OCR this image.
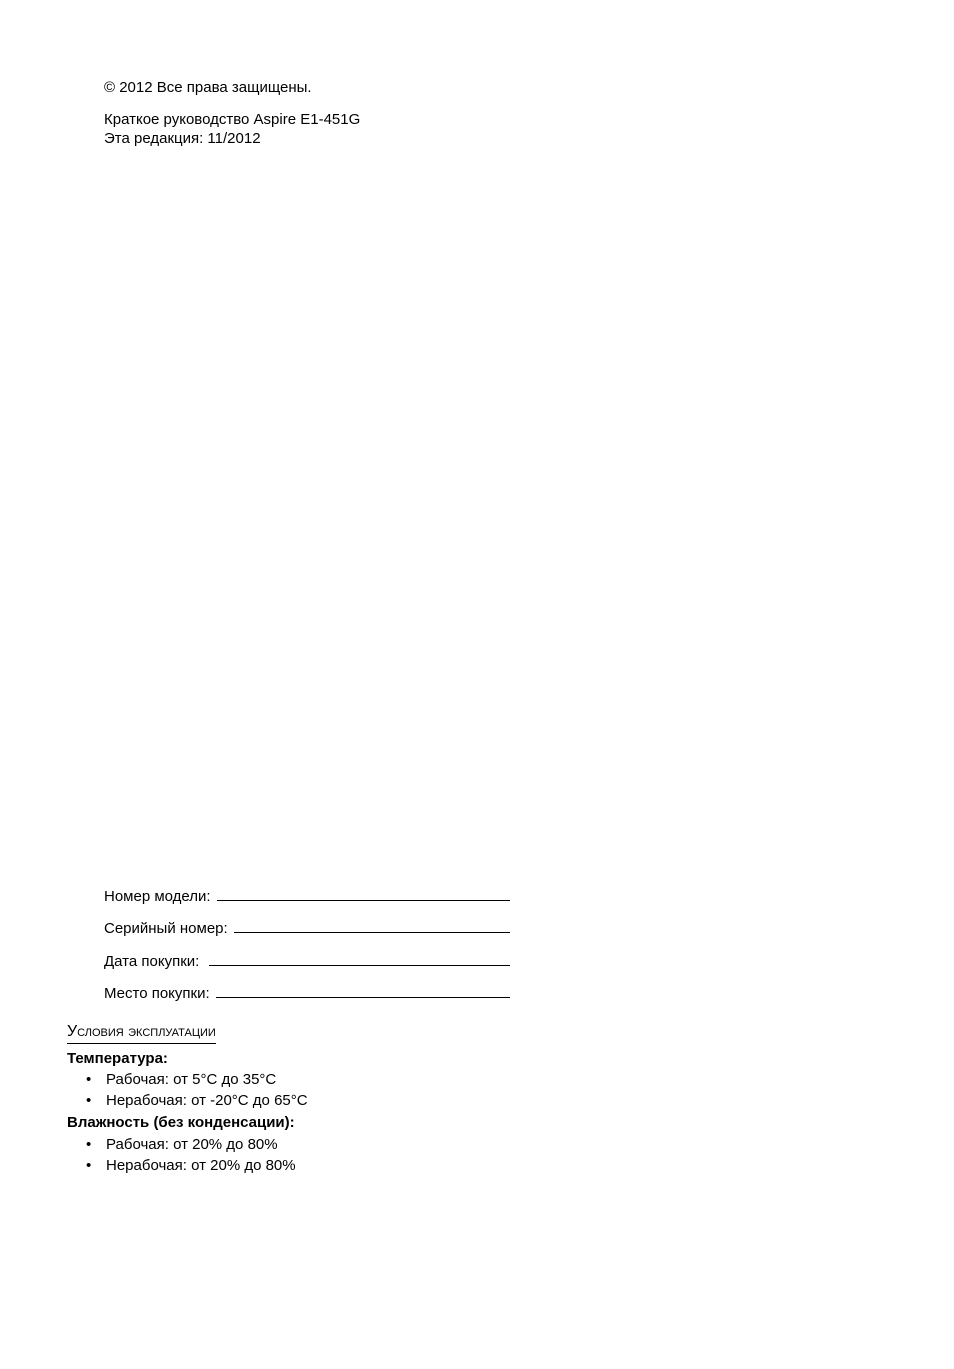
© 2012 Все права защищены.
Краткое руководство Aspire E1-451G
Эта редакция: 11/2012
Номер модели:
Серийный номер:
Дата покупки:
Место покупки:
Условия эксплуатации
Температура:
• Рабочая: от 5°C до 35°C
• Нерабочая: от -20°C до 65°C
Влажность (без конденсации):
• Рабочая: от 20% до 80%
• Нерабочая: от 20% до 80%
